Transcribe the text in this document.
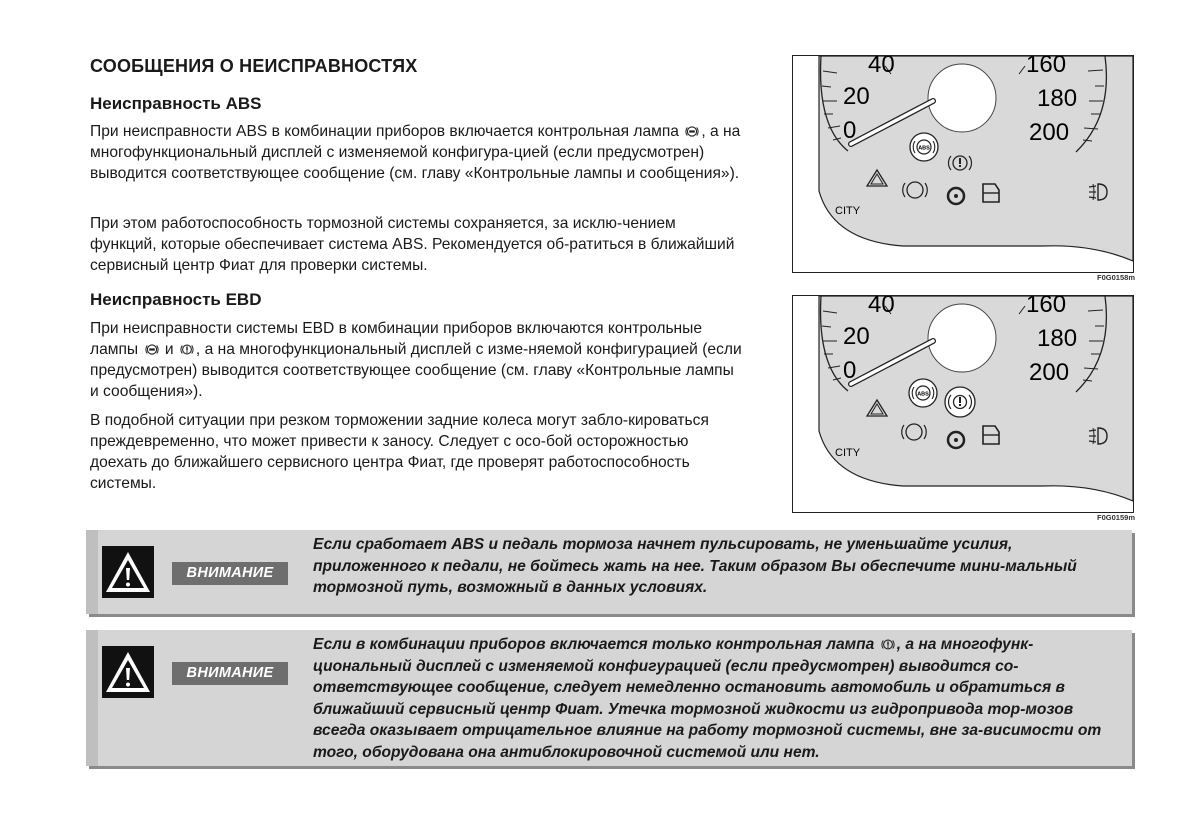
СООБЩЕНИЯ О НЕИСПРАВНОСТЯХ
Неисправность ABS

При неисправности ABS в комбинации приборов включается контрольная лампа , а на многофункциональный дисплей с изменяемой конфигура-цией (если предусмотрен) выводится соответствующее сообщение (см. главу «Контрольные лампы и сообщения»).

При этом работоспособность тормозной системы сохраняется, за исклю-чением функций, которые обеспечивает система ABS. Рекомендуется об-ратиться в ближайший сервисный центр Фиат для проверки системы.

Неисправность EBD

При неисправности системы EBD в комбинации приборов включаются контрольные лампы и , а на многофункциональный дисплей с изме-няемой конфигурацией (если предусмотрен) выводится соответствующее сообщение (см. главу «Контрольные лампы и сообщения»).

В подобной ситуации при резком торможении задние колеса могут забло-кироваться преждевременно, что может привести к заносу. Следует с осо-бой осторожностью доехать до ближайшего сервисного центра Фиат, где проверят работоспособность системы.

40
20
0
160
180
200
ABS
CITY
F0G0158m
40
20
0
160
180
200
ABS
CITY
F0G0159m
ВНИМАНИЕ

Если сработает ABS и педаль тормоза начнет пульсировать, не уменьшайте усилия, приложенного к педали, не бойтесь жать на нее. Таким образом Вы обеспечите мини-мальный тормозной путь, возможный в данных условиях.

ВНИМАНИЕ

Если в комбинации приборов включается только контрольная лампа , а на многофунк-циональный дисплей с изменяемой конфигурацией (если предусмотрен) выводится со-ответствующее сообщение, следует немедленно остановить автомобиль и обратиться в ближайший сервисный центр Фиат. Утечка тормозной жидкости из гидропривода тор-мозов всегда оказывает отрицательное влияние на работу тормозной системы, вне за-висимости от того, оборудована она антиблокировочной системой или нет.
